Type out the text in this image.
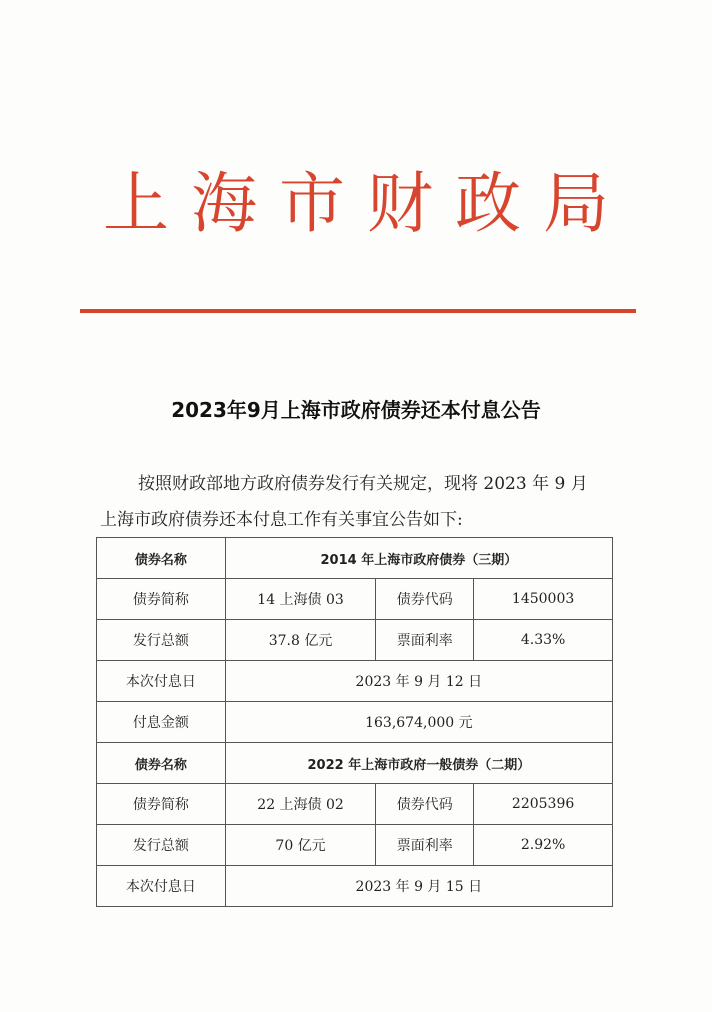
上海市财政局
2023年9月上海市政府债券还本付息公告
按照财政部地方政府债券发行有关规定，现将 2023 年 9 月
上海市政府债券还本付息工作有关事宜公告如下:
债券名称	2014 年上海市政府债券（三期）		
债券简称	14 上海债 03	债券代码	1450003
发行总额	37.8 亿元	票面利率	4.33%
本次付息日	2023 年 9 月 12 日		
付息金额	163,674,000 元		
债券名称	2022 年上海市政府一般债券（二期）		
债券简称	22 上海债 02	债券代码	2205396
发行总额	70 亿元	票面利率	2.92%
本次付息日	2023 年 9 月 15 日		
